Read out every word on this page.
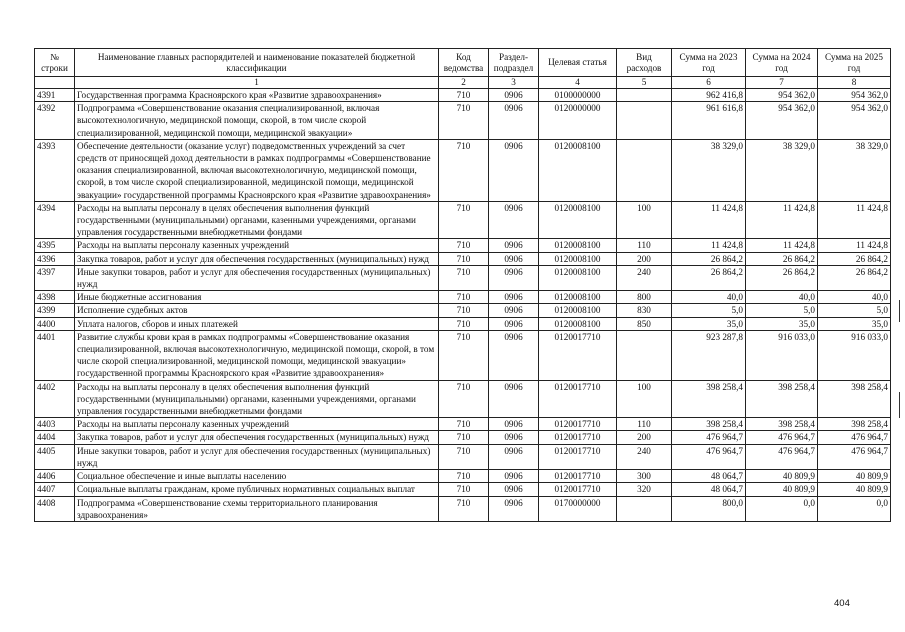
№ строки	Наименование главных распорядителей и наименование показателей бюджетной классификации	Код ведомства	Раздел-подраздел	Целевая статья	Вид расходов	Сумма на 2023 год	Сумма на 2024 год	Сумма на 2025 год
	1	2	3	4	5	6	7	8
4391	Государственная программа Красноярского края «Развитие здравоохранения»	710	0906	0100000000		962 416,8	954 362,0	954 362,0
4392	Подпрограмма «Совершенствование оказания специализированной, включая высокотехнологичную, медицинской помощи, скорой, в том числе скорой специализированной, медицинской помощи, медицинской эвакуации»	710	0906	0120000000		961 616,8	954 362,0	954 362,0
4393	Обеспечение деятельности (оказание услуг) подведомственных учреждений за счет средств от приносящей доход деятельности в рамках подпрограммы «Совершенствование оказания специализированной, включая высокотехнологичную, медицинской помощи, скорой, в том числе скорой специализированной, медицинской помощи, медицинской эвакуации» государственной программы Красноярского края «Развитие здравоохранения»	710	0906	0120008100		38 329,0	38 329,0	38 329,0
4394	Расходы на выплаты персоналу в целях обеспечения выполнения функций государственными (муниципальными) органами, казенными учреждениями, органами управления государственными внебюджетными фондами	710	0906	0120008100	100	11 424,8	11 424,8	11 424,8
4395	Расходы на выплаты персоналу казенных учреждений	710	0906	0120008100	110	11 424,8	11 424,8	11 424,8
4396	Закупка товаров, работ и услуг для обеспечения государственных (муниципальных) нужд	710	0906	0120008100	200	26 864,2	26 864,2	26 864,2
4397	Иные закупки товаров, работ и услуг для обеспечения государственных (муниципальных) нужд	710	0906	0120008100	240	26 864,2	26 864,2	26 864,2
4398	Иные бюджетные ассигнования	710	0906	0120008100	800	40,0	40,0	40,0
4399	Исполнение судебных актов	710	0906	0120008100	830	5,0	5,0	5,0
4400	Уплата налогов, сборов и иных платежей	710	0906	0120008100	850	35,0	35,0	35,0
4401	Развитие службы крови края в рамках подпрограммы «Совершенствование оказания специализированной, включая высокотехнологичную, медицинской помощи, скорой, в том числе скорой специализированной, медицинской помощи, медицинской эвакуации» государственной программы Красноярского края «Развитие здравоохранения»	710	0906	0120017710		923 287,8	916 033,0	916 033,0
4402	Расходы на выплаты персоналу в целях обеспечения выполнения функций государственными (муниципальными) органами, казенными учреждениями, органами управления государственными внебюджетными фондами	710	0906	0120017710	100	398 258,4	398 258,4	398 258,4
4403	Расходы на выплаты персоналу казенных учреждений	710	0906	0120017710	110	398 258,4	398 258,4	398 258,4
4404	Закупка товаров, работ и услуг для обеспечения государственных (муниципальных) нужд	710	0906	0120017710	200	476 964,7	476 964,7	476 964,7
4405	Иные закупки товаров, работ и услуг для обеспечения государственных (муниципальных) нужд	710	0906	0120017710	240	476 964,7	476 964,7	476 964,7
4406	Социальное обеспечение и иные выплаты населению	710	0906	0120017710	300	48 064,7	40 809,9	40 809,9
4407	Социальные выплаты гражданам, кроме публичных нормативных социальных выплат	710	0906	0120017710	320	48 064,7	40 809,9	40 809,9
4408	Подпрограмма «Совершенствование схемы территориального планирования здравоохранения»	710	0906	0170000000		800,0	0,0	0,0
404
